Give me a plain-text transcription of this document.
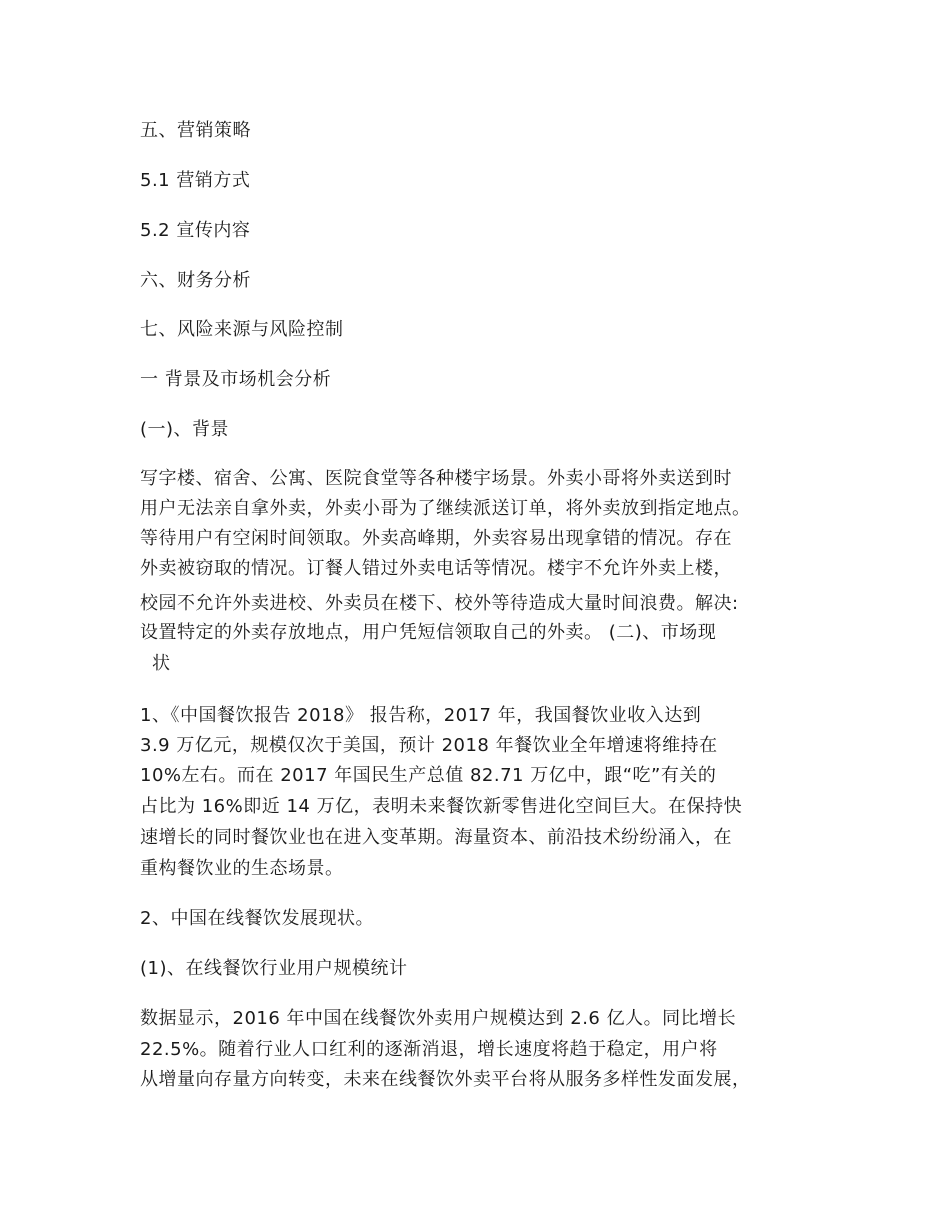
五、营销策略
5.1 营销方式
5.2 宣传内容
六、财务分析
七、风险来源与风险控制
一 背景及市场机会分析
(一)、背景
写字楼、宿舍、公寓、医院食堂等各种楼宇场景。外卖小哥将外卖送到时
用户无法亲自拿外卖，外卖小哥为了继续派送订单，将外卖放到指定地点。
等待用户有空闲时间领取。外卖高峰期，外卖容易出现拿错的情况。存在
外卖被窃取的情况。订餐人错过外卖电话等情况。楼宇不允许外卖上楼，
校园不允许外卖进校、外卖员在楼下、校外等待造成大量时间浪费。解决:
设置特定的外卖存放地点，用户凭短信领取自己的外卖。 (二)、市场现
状
1、《中国餐饮报告 2018》 报告称，2017 年，我国餐饮业收入达到
3.9 万亿元，规模仅次于美国，预计 2018 年餐饮业全年增速将维持在
10%左右。而在 2017 年国民生产总值 82.71 万亿中，跟“吃”有关的
占比为 16%即近 14 万亿，表明未来餐饮新零售进化空间巨大。在保持快
速增长的同时餐饮业也在进入变革期。海量资本、前沿技术纷纷涌入，在
重构餐饮业的生态场景。
2、中国在线餐饮发展现状。
(1)、在线餐饮行业用户规模统计
数据显示，2016 年中国在线餐饮外卖用户规模达到 2.6 亿人。同比增长
22.5%。随着行业人口红利的逐渐消退，增长速度将趋于稳定，用户将
从增量向存量方向转变，未来在线餐饮外卖平台将从服务多样性发面发展，
